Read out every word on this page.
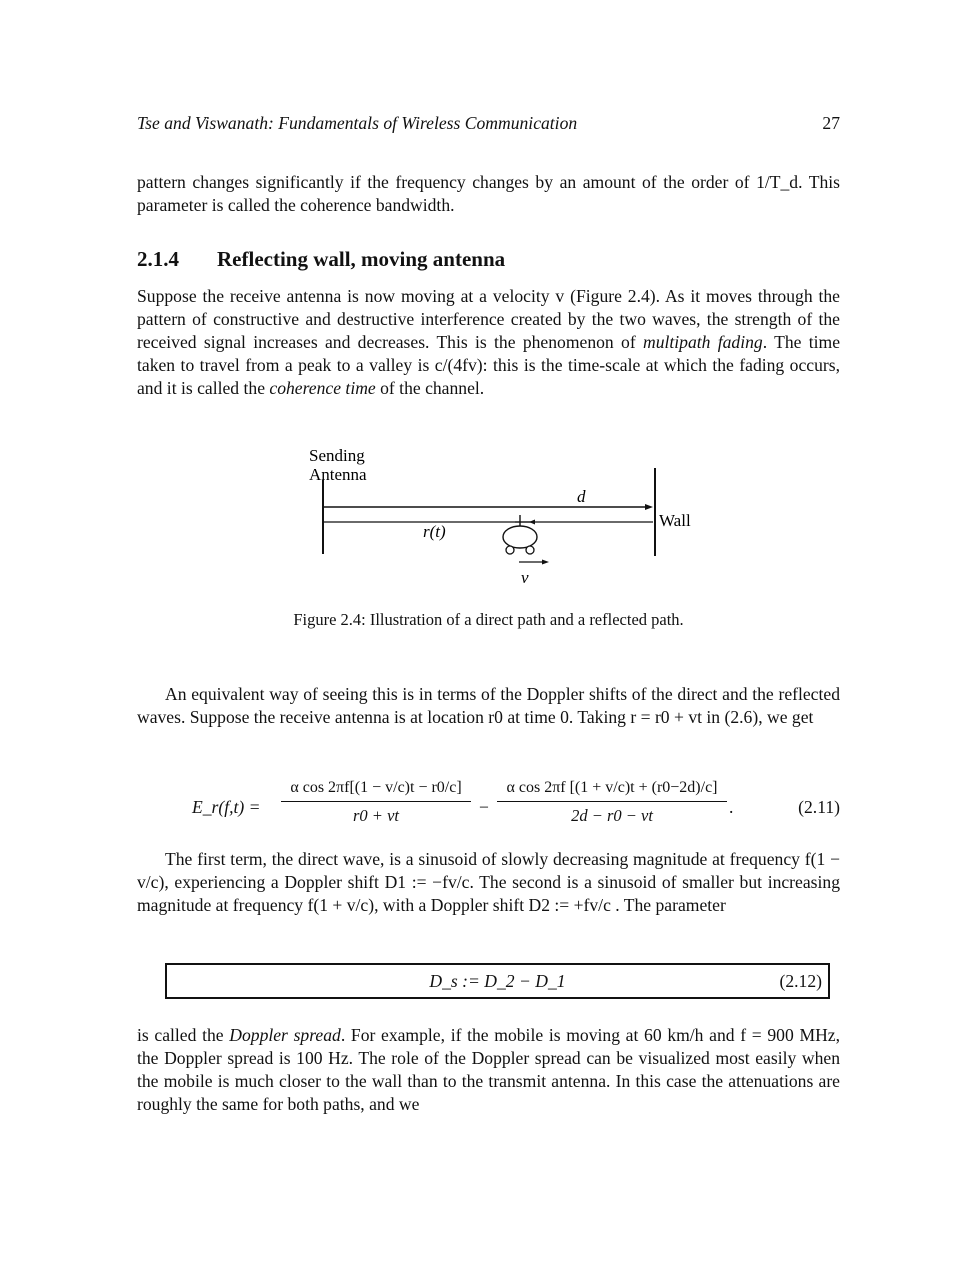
Tse and Viswanath: Fundamentals of Wireless Communication	27

pattern changes significantly if the frequency changes by an amount of the order of 1/T_d. This parameter is called the coherence bandwidth.

2.1.4 Reflecting wall, moving antenna

Suppose the receive antenna is now moving at a velocity v (Figure 2.4). As it moves through the pattern of constructive and destructive interference created by the two waves, the strength of the received signal increases and decreases. This is the phenomenon of multipath fading. The time taken to travel from a peak to a valley is c/(4fv): this is the time-scale at which the fading occurs, and it is called the coherence time of the channel.

Sending
Antenna
Wall
d
r(t)
v
Figure 2.4: Illustration of a direct path and a reflected path.

An equivalent way of seeing this is in terms of the Doppler shifts of the direct and the reflected waves. Suppose the receive antenna is at location r0 at time 0. Taking r = r0 + vt in (2.6), we get

E_r(f,t) =
α cos 2πf[(1 − v/c)t − r0/c]
r0 + vt	−
α cos 2πf [(1 + v/c)t + (r0−2d)/c]
2d − r0 − vt	.	(2.11)

The first term, the direct wave, is a sinusoid of slowly decreasing magnitude at frequency f(1 − v/c), experiencing a Doppler shift D1 := −fv/c. The second is a sinusoid of smaller but increasing magnitude at frequency f(1 + v/c), with a Doppler shift D2 := +fv/c . The parameter

D_s := D_2 − D_1	(2.12)

is called the Doppler spread. For example, if the mobile is moving at 60 km/h and f = 900 MHz, the Doppler spread is 100 Hz. The role of the Doppler spread can be visualized most easily when the mobile is much closer to the wall than to the transmit antenna. In this case the attenuations are roughly the same for both paths, and we
